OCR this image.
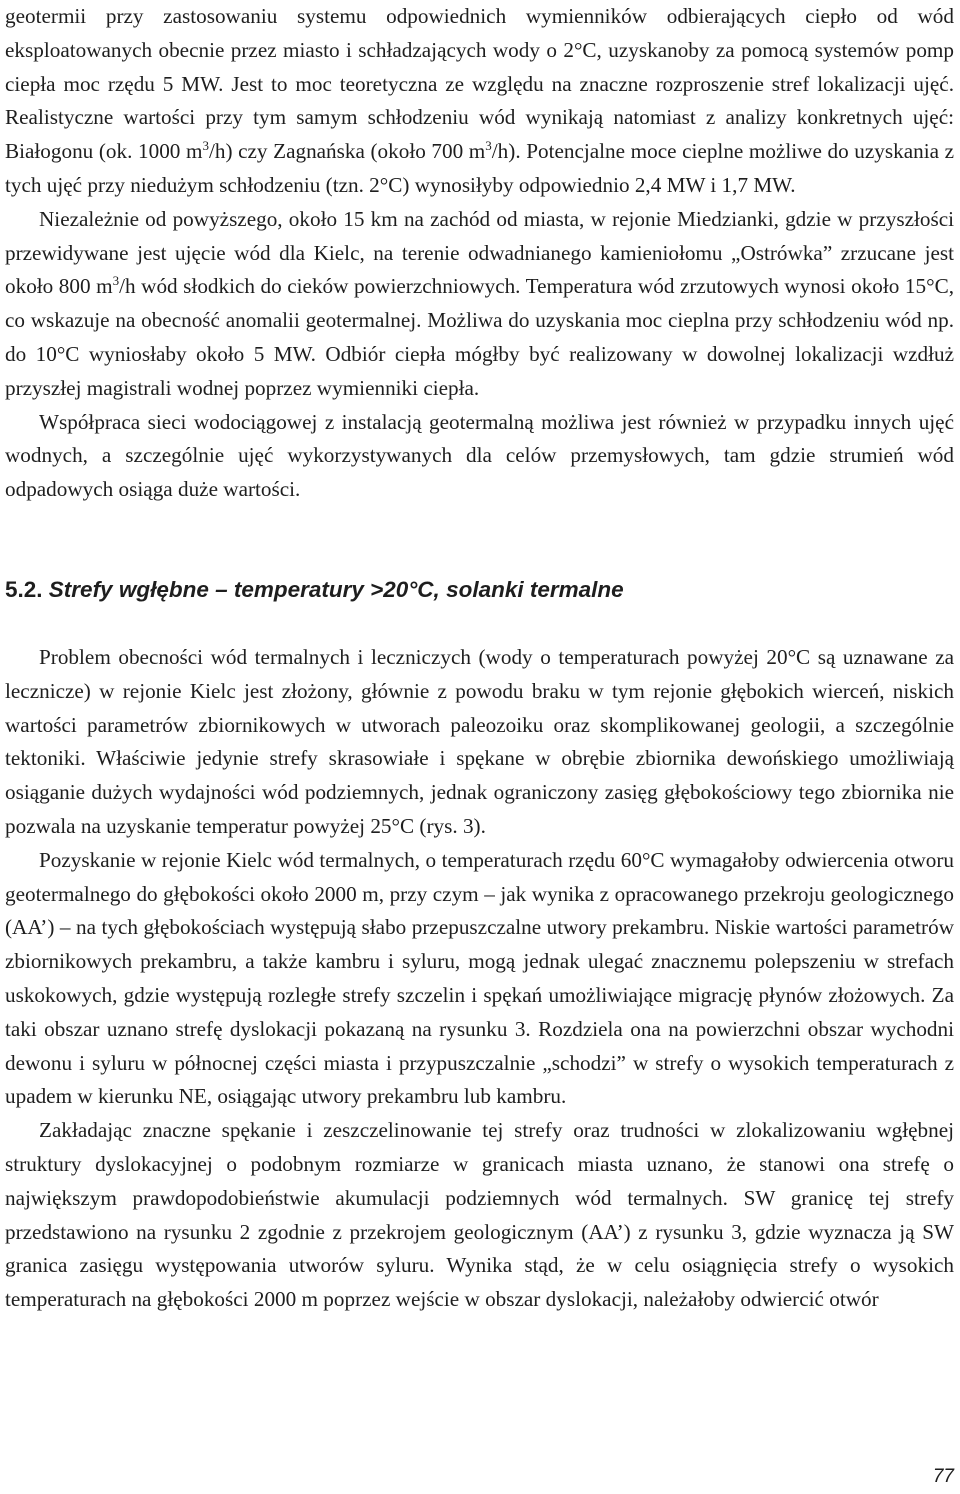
geotermii przy zastosowaniu systemu odpowiednich wymienników odbierających ciepło od wód eksploatowanych obecnie przez miasto i schładzających wody o 2°C, uzyskanoby za pomocą systemów pomp ciepła moc rzędu 5 MW. Jest to moc teoretyczna ze względu na znaczne rozproszenie stref lokalizacji ujęć. Realistyczne wartości przy tym samym schłodzeniu wód wynikają natomiast z analizy konkretnych ujęć: Białogonu (ok. 1000 $m^3/h$) czy Zagnańska (około 700 $m^3/h$). Potencjalne moce cieplne możliwe do uzyskania z tych ujęć przy niedużym schłodzeniu (tzn. 2°C) wynosiłyby odpowiednio 2,4 MW i 1,7 MW.

Niezależnie od powyższego, około 15 km na zachód od miasta, w rejonie Miedzianki, gdzie w przyszłości przewidywane jest ujęcie wód dla Kielc, na terenie odwadnianego kamieniołomu „Ostrówka” zrzucane jest około 800 $m^3/h$ wód słodkich do cieków powierzchniowych. Temperatura wód zrzutowych wynosi około 15°C, co wskazuje na obecność anomalii geotermalnej. Możliwa do uzyskania moc cieplna przy schłodzeniu wód np. do 10°C wyniosłaby około 5 MW. Odbiór ciepła mógłby być realizowany w dowolnej lokalizacji wzdłuż przyszłej magistrali wodnej poprzez wymienniki ciepła.

Współpraca sieci wodociągowej z instalacją geotermalną możliwa jest również w przypadku innych ujęć wodnych, a szczególnie ujęć wykorzystywanych dla celów przemysłowych, tam gdzie strumień wód odpadowych osiąga duże wartości.

5.2. Strefy wgłębne – temperatury >20°C, solanki termalne

Problem obecności wód termalnych i leczniczych (wody o temperaturach powyżej 20°C są uznawane za lecznicze) w rejonie Kielc jest złożony, głównie z powodu braku w tym rejonie głębokich wierceń, niskich wartości parametrów zbiornikowych w utworach paleozoiku oraz skomplikowanej geologii, a szczególnie tektoniki. Właściwie jedynie strefy skrasowiałe i spękane w obrębie zbiornika dewońskiego umożliwiają osiąganie dużych wydajności wód podziemnych, jednak ograniczony zasięg głębokościowy tego zbiornika nie pozwala na uzyskanie temperatur powyżej 25°C (rys. 3).

Pozyskanie w rejonie Kielc wód termalnych, o temperaturach rzędu 60°C wymagałoby odwiercenia otworu geotermalnego do głębokości około 2000 m, przy czym – jak wynika z opracowanego przekroju geologicznego (AA’) – na tych głębokościach występują słabo przepuszczalne utwory prekambru. Niskie wartości parametrów zbiornikowych prekambru, a także kambru i syluru, mogą jednak ulegać znacznemu polepszeniu w strefach uskokowych, gdzie występują rozległe strefy szczelin i spękań umożliwiające migrację płynów złożowych. Za taki obszar uznano strefę dyslokacji pokazaną na rysunku 3. Rozdziela ona na powierzchni obszar wychodni dewonu i syluru w północnej części miasta i przypuszczalnie „schodzi” w strefy o wysokich temperaturach z upadem w kierunku NE, osiągając utwory prekambru lub kambru.

Zakładając znaczne spękanie i zeszczelinowanie tej strefy oraz trudności w zlokalizowaniu wgłębnej struktury dyslokacyjnej o podobnym rozmiarze w granicach miasta uznano, że stanowi ona strefę o największym prawdopodobieństwie akumulacji podziemnych wód termalnych. SW granicę tej strefy przedstawiono na rysunku 2 zgodnie z przekrojem geologicznym (AA’) z rysunku 3, gdzie wyznacza ją SW granica zasięgu występowania utworów syluru. Wynika stąd, że w celu osiągnięcia strefy o wysokich temperaturach na głębokości 2000 m poprzez wejście w obszar dyslokacji, należałoby odwiercić otwór

77
